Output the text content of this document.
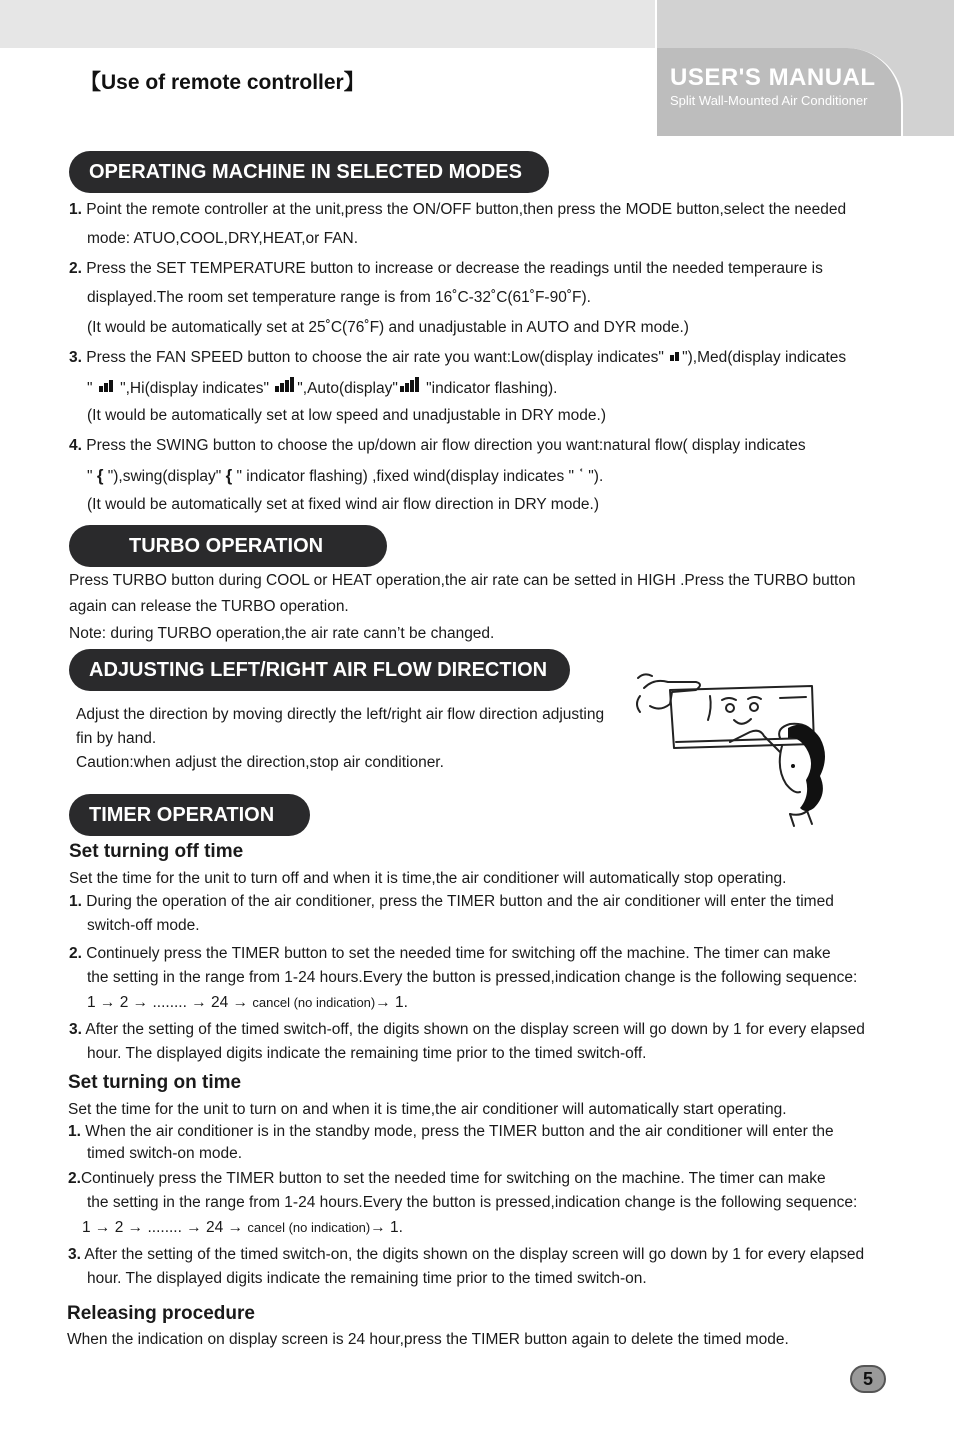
USER'S MANUAL
Split Wall-Mounted Air Conditioner
【Use of remote controller】
OPERATING MACHINE IN SELECTED MODES
1. Point the remote controller at the unit,press the ON/OFF button,then press the MODE button,select the needed
mode: ATUO,COOL,DRY,HEAT,or FAN.
2. Press the SET TEMPERATURE button to increase or decrease the readings until the needed temperaure is
displayed.The room set temperature range is from 16˚C-32˚C(61˚F-90˚F).
(It would be automatically set at 25˚C(76˚F) and unadjustable in AUTO and DYR mode.)
3. Press the FAN SPEED button to choose the air rate you want:Low(display indicates" "),Med(display indicates
"  ",Hi(display indicates" ",Auto(display" "indicator flashing).
(It would be automatically set at low speed and unadjustable in DRY mode.)
4. Press the SWING button to choose the up/down air flow direction you want:natural flow( display indicates
" { "),swing(display" { " indicator flashing) ,fixed wind(display indicates " ʿ ").
(It would be automatically set at fixed wind air flow direction in DRY mode.)
TURBO OPERATION
Press TURBO button during COOL or HEAT operation,the air rate can be setted in HIGH .Press the TURBO button
again can release the TURBO operation.
Note: during TURBO operation,the air rate cann’t be changed.
ADJUSTING LEFT/RIGHT AIR FLOW DIRECTION
Adjust the direction by moving directly the left/right air flow direction adjusting
fin by hand.
Caution:when adjust the direction,stop air conditioner.
TIMER OPERATION
Set turning off time
Set the time for the unit to turn off and when it is time,the air conditioner will automatically stop operating.
1. During the operation of the air conditioner, press the TIMER button and the air conditioner will enter the timed
switch-off mode.
2. Continuely press the TIMER button to set the needed time for switching off the machine. The timer can make
the setting in the range from 1-24 hours.Every the button is pressed,indication change is the following sequence:
1 → 2 → ........ → 24 → cancel (no indication)→ 1.
3. After the setting of the timed switch-off, the digits shown on the display screen will go down by 1 for every elapsed
hour. The displayed digits indicate the remaining time prior to the timed switch-off.
Set turning on time
Set the time for the unit to turn on and when it is time,the air conditioner will automatically start operating.
1. When the air conditioner is in the standby mode, press the TIMER button and the air conditioner will enter the
timed switch-on mode.
2.Continuely press the TIMER button to set the needed time for switching on the machine. The timer can make
the setting in the range from 1-24 hours.Every the button is pressed,indication change is the following sequence:
1 → 2 → ........ → 24 → cancel (no indication)→ 1.
3. After the setting of the timed switch-on, the digits shown on the display screen will go down by 1 for every elapsed
hour. The displayed digits indicate the remaining time prior to the timed switch-on.
Releasing procedure
When the indication on display screen is 24 hour,press the TIMER button again to delete the timed mode.
5
